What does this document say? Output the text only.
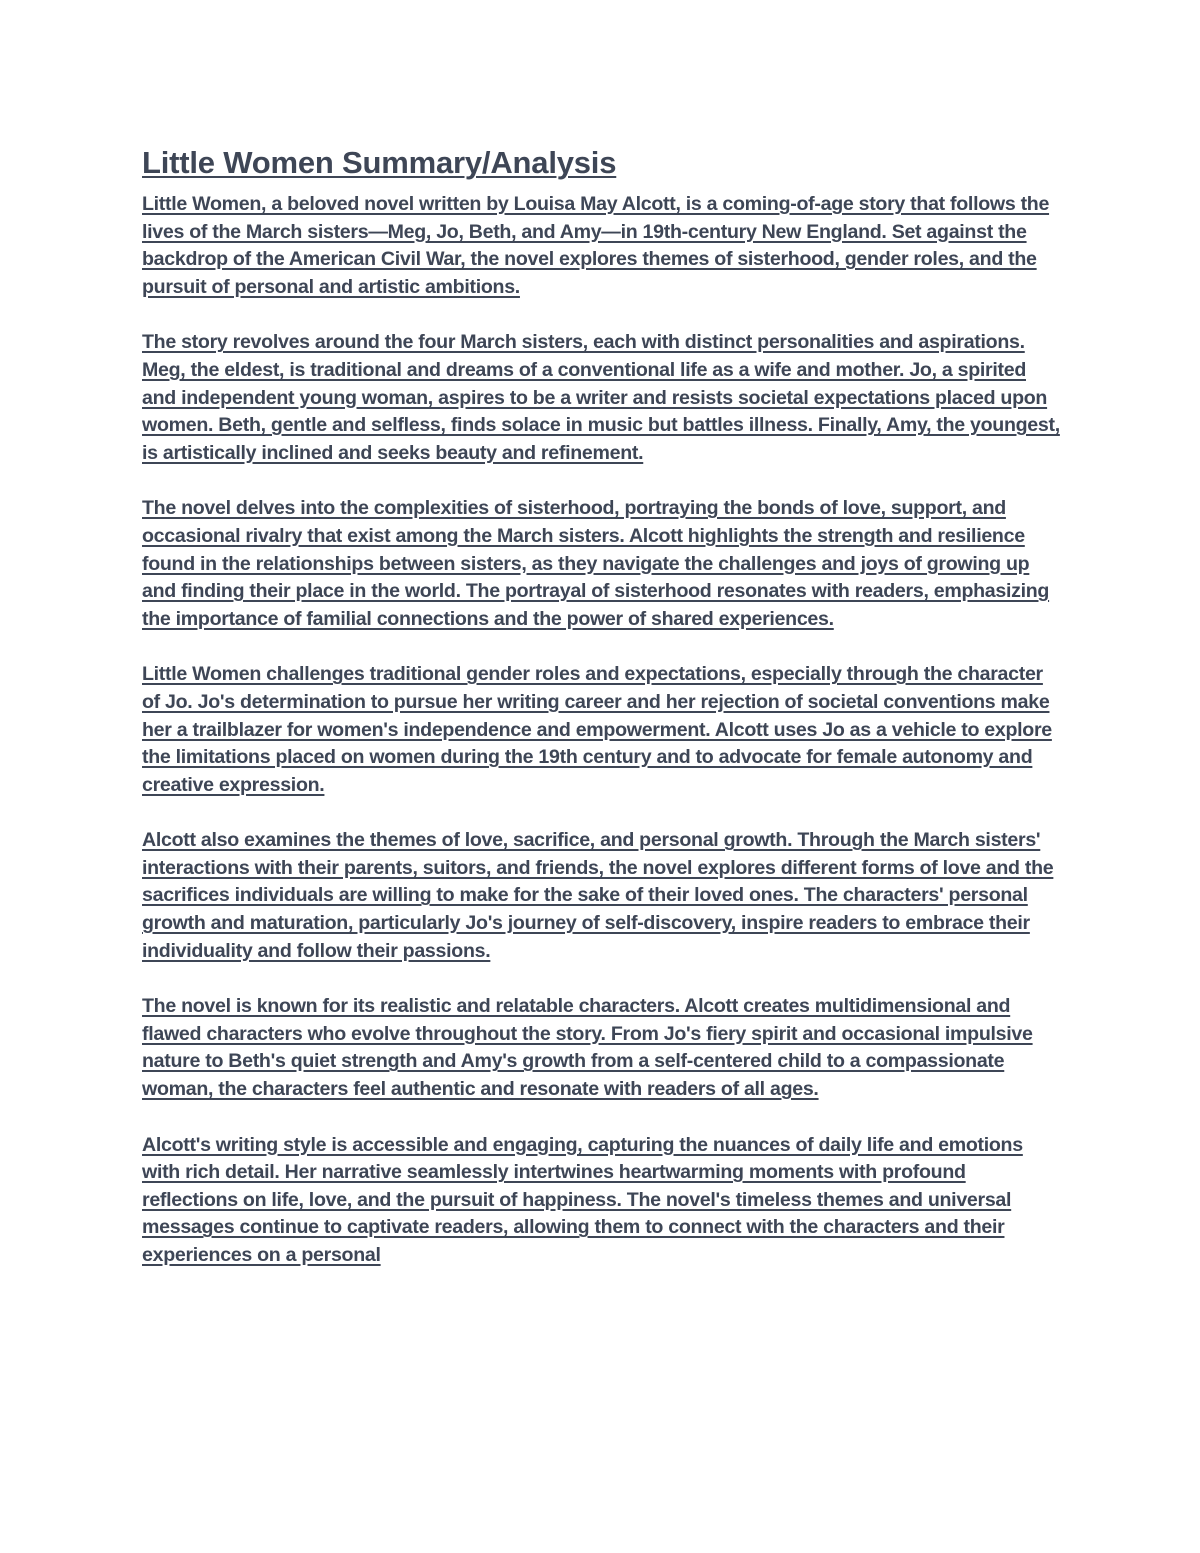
Little Women Summary/Analysis

Little Women, a beloved novel written by Louisa May Alcott, is a coming-of-age story that follows the lives of the March sisters—Meg, Jo, Beth, and Amy—in 19th-century New England. Set against the backdrop of the American Civil War, the novel explores themes of sisterhood, gender roles, and the pursuit of personal and artistic ambitions.

The story revolves around the four March sisters, each with distinct personalities and aspirations. Meg, the eldest, is traditional and dreams of a conventional life as a wife and mother. Jo, a spirited and independent young woman, aspires to be a writer and resists societal expectations placed upon women. Beth, gentle and selfless, finds solace in music but battles illness. Finally, Amy, the youngest, is artistically inclined and seeks beauty and refinement.

The novel delves into the complexities of sisterhood, portraying the bonds of love, support, and occasional rivalry that exist among the March sisters. Alcott highlights the strength and resilience found in the relationships between sisters, as they navigate the challenges and joys of growing up and finding their place in the world. The portrayal of sisterhood resonates with readers, emphasizing the importance of familial connections and the power of shared experiences.

Little Women challenges traditional gender roles and expectations, especially through the character of Jo. Jo's determination to pursue her writing career and her rejection of societal conventions make her a trailblazer for women's independence and empowerment. Alcott uses Jo as a vehicle to explore the limitations placed on women during the 19th century and to advocate for female autonomy and creative expression.

Alcott also examines the themes of love, sacrifice, and personal growth. Through the March sisters' interactions with their parents, suitors, and friends, the novel explores different forms of love and the sacrifices individuals are willing to make for the sake of their loved ones. The characters' personal growth and maturation, particularly Jo's journey of self-discovery, inspire readers to embrace their individuality and follow their passions.

The novel is known for its realistic and relatable characters. Alcott creates multidimensional and flawed characters who evolve throughout the story. From Jo's fiery spirit and occasional impulsive nature to Beth's quiet strength and Amy's growth from a self-centered child to a compassionate woman, the characters feel authentic and resonate with readers of all ages.

Alcott's writing style is accessible and engaging, capturing the nuances of daily life and emotions with rich detail. Her narrative seamlessly intertwines heartwarming moments with profound reflections on life, love, and the pursuit of happiness. The novel's timeless themes and universal messages continue to captivate readers, allowing them to connect with the characters and their experiences on a personal
